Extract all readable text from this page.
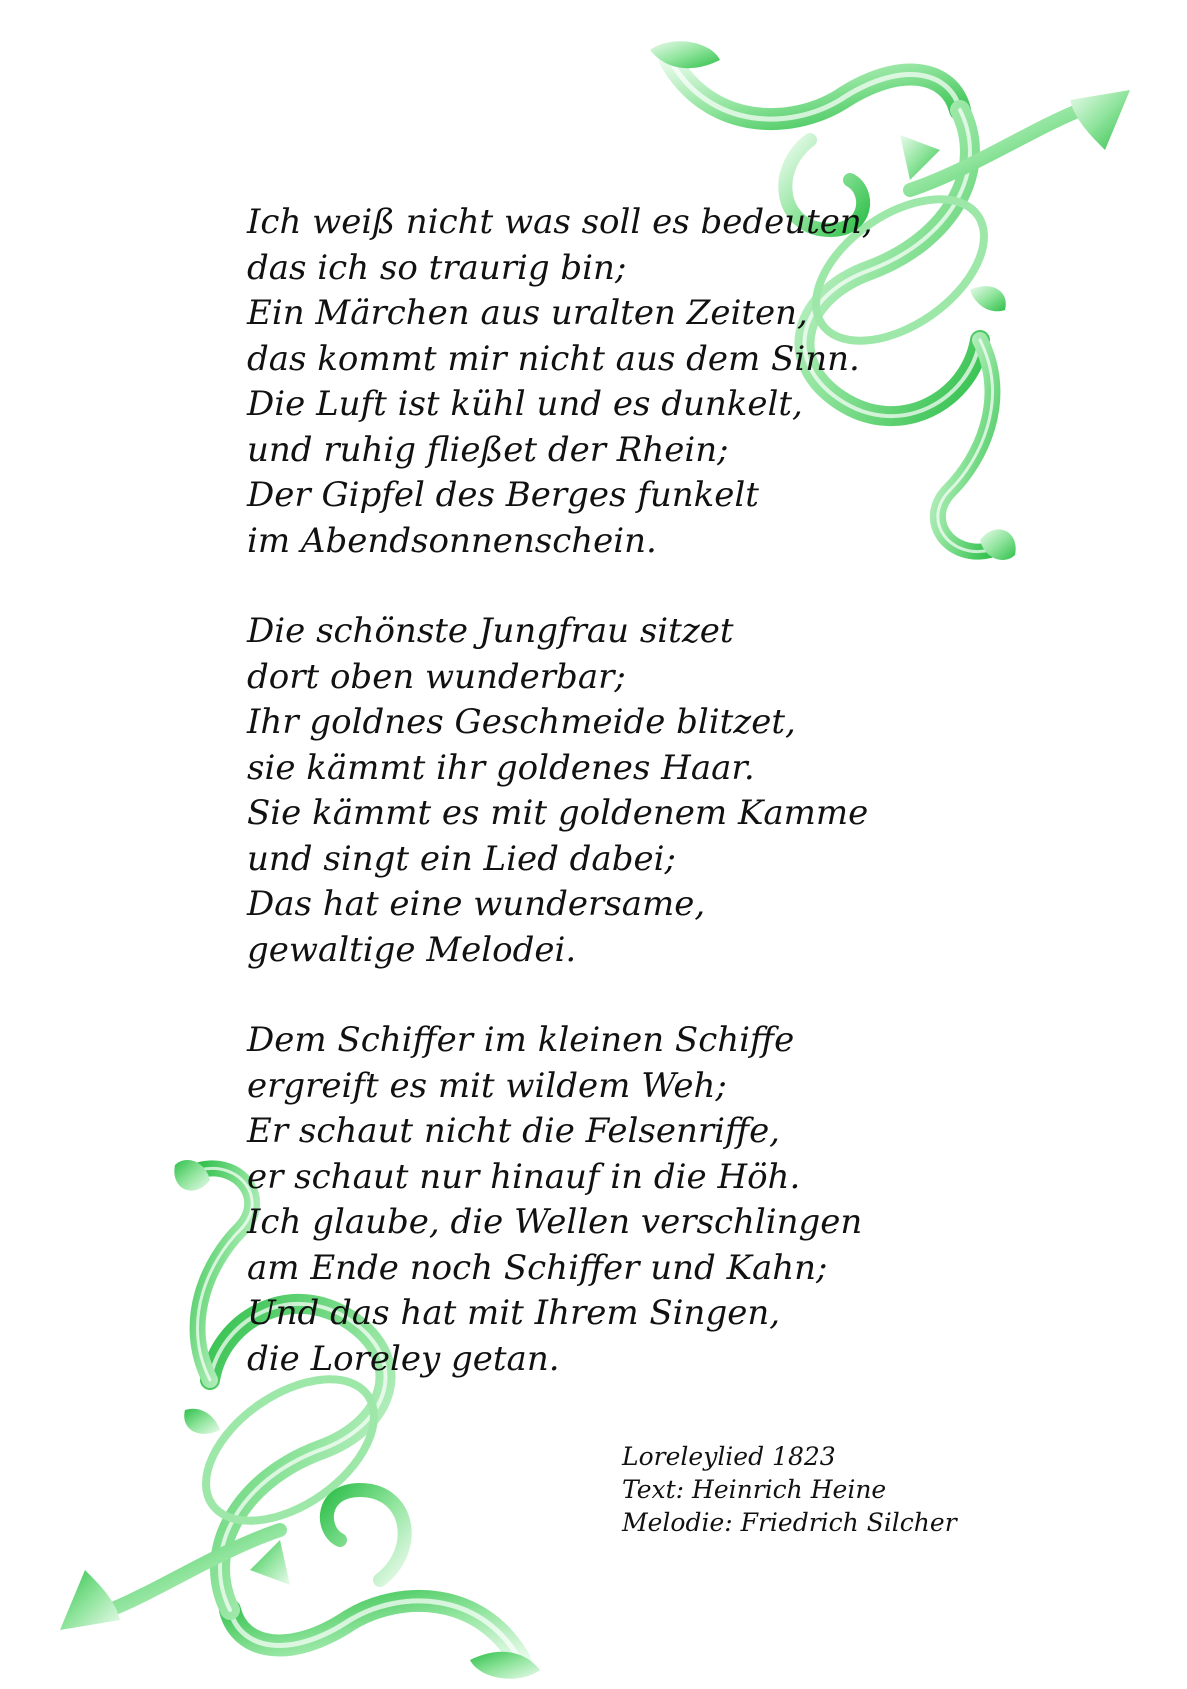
Ich weiß nicht was soll es bedeuten,
das ich so traurig bin;
Ein Märchen aus uralten Zeiten,
das kommt mir nicht aus dem Sinn.
Die Luft ist kühl und es dunkelt,
und ruhig fließet der Rhein;
Der Gipfel des Berges funkelt
im Abendsonnenschein.
Die schönste Jungfrau sitzet
dort oben wunderbar;
Ihr goldnes Geschmeide blitzet,
sie kämmt ihr goldenes Haar.
Sie kämmt es mit goldenem Kamme
und singt ein Lied dabei;
Das hat eine wundersame,
gewaltige Melodei.
Dem Schiffer im kleinen Schiffe
ergreift es mit wildem Weh;
Er schaut nicht die Felsenriffe,
er schaut nur hinauf in die Höh.
Ich glaube, die Wellen verschlingen
am Ende noch Schiffer und Kahn;
Und das hat mit Ihrem Singen,
die Loreley getan.
Loreleylied 1823
Text: Heinrich Heine
Melodie: Friedrich Silcher
